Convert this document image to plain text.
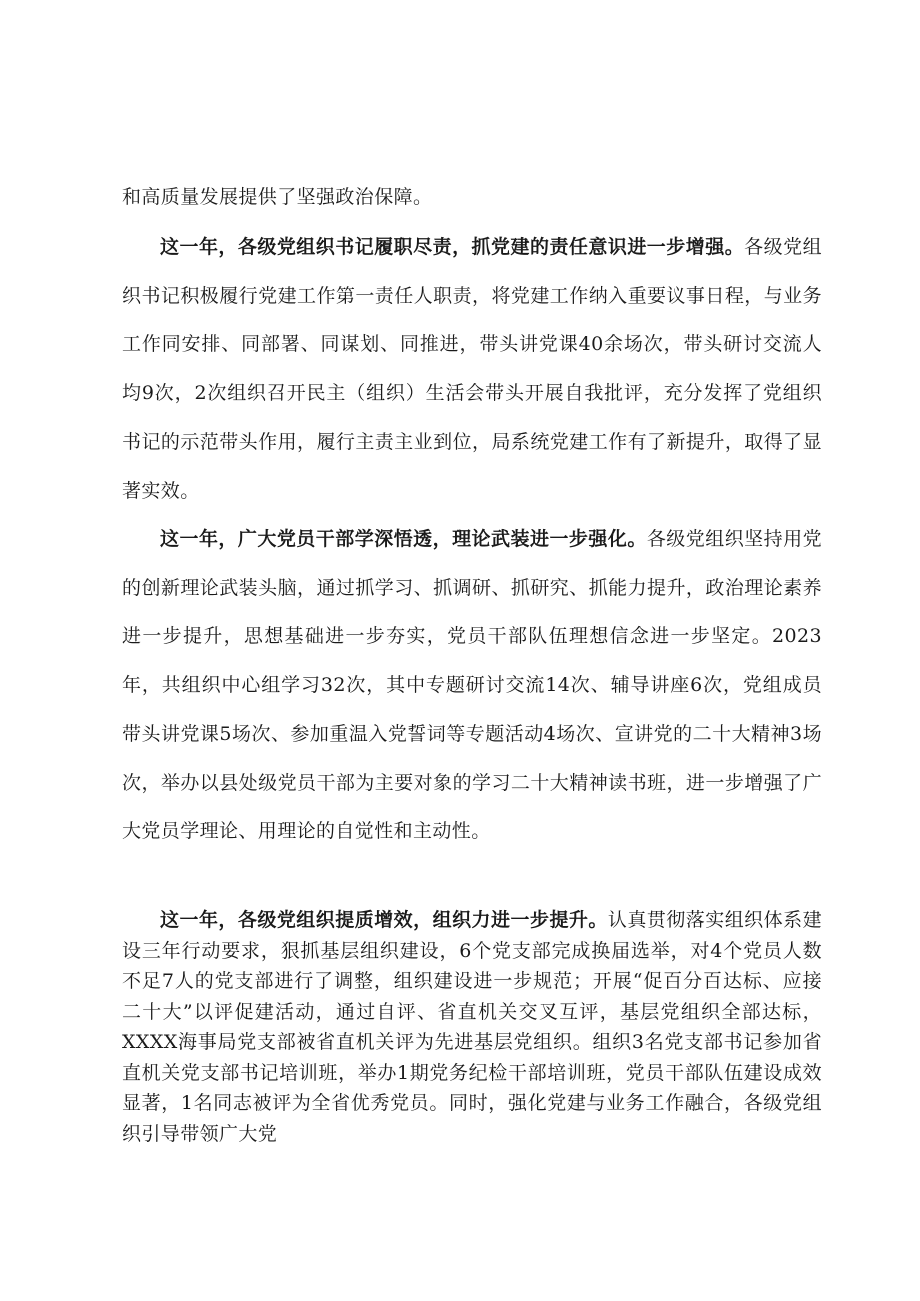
和高质量发展提供了坚强政治保障。

这一年，各级党组织书记履职尽责，抓党建的责任意识进一步增强。各级党组织书记积极履行党建工作第一责任人职责，将党建工作纳入重要议事日程，与业务工作同安排、同部署、同谋划、同推进，带头讲党课40余场次，带头研讨交流人均9次，2次组织召开民主（组织）生活会带头开展自我批评，充分发挥了党组织书记的示范带头作用，履行主责主业到位，局系统党建工作有了新提升，取得了显著实效。

这一年，广大党员干部学深悟透，理论武装进一步强化。各级党组织坚持用党的创新理论武装头脑，通过抓学习、抓调研、抓研究、抓能力提升，政治理论素养进一步提升，思想基础进一步夯实，党员干部队伍理想信念进一步坚定。2023年，共组织中心组学习32次，其中专题研讨交流14次、辅导讲座6次，党组成员带头讲党课5场次、参加重温入党誓词等专题活动4场次、宣讲党的二十大精神3场次，举办以县处级党员干部为主要对象的学习二十大精神读书班，进一步增强了广大党员学理论、用理论的自觉性和主动性。

这一年，各级党组织提质增效，组织力进一步提升。认真贯彻落实组织体系建设三年行动要求，狠抓基层组织建设，6个党支部完成换届选举，对4个党员人数不足7人的党支部进行了调整，组织建设进一步规范；开展“促百分百达标、应接二十大”以评促建活动，通过自评、省直机关交叉互评，基层党组织全部达标，XXXX海事局党支部被省直机关评为先进基层党组织。组织3名党支部书记参加省直机关党支部书记培训班，举办1期党务纪检干部培训班，党员干部队伍建设成效显著，1名同志被评为全省优秀党员。同时，强化党建与业务工作融合，各级党组织引导带领广大党
